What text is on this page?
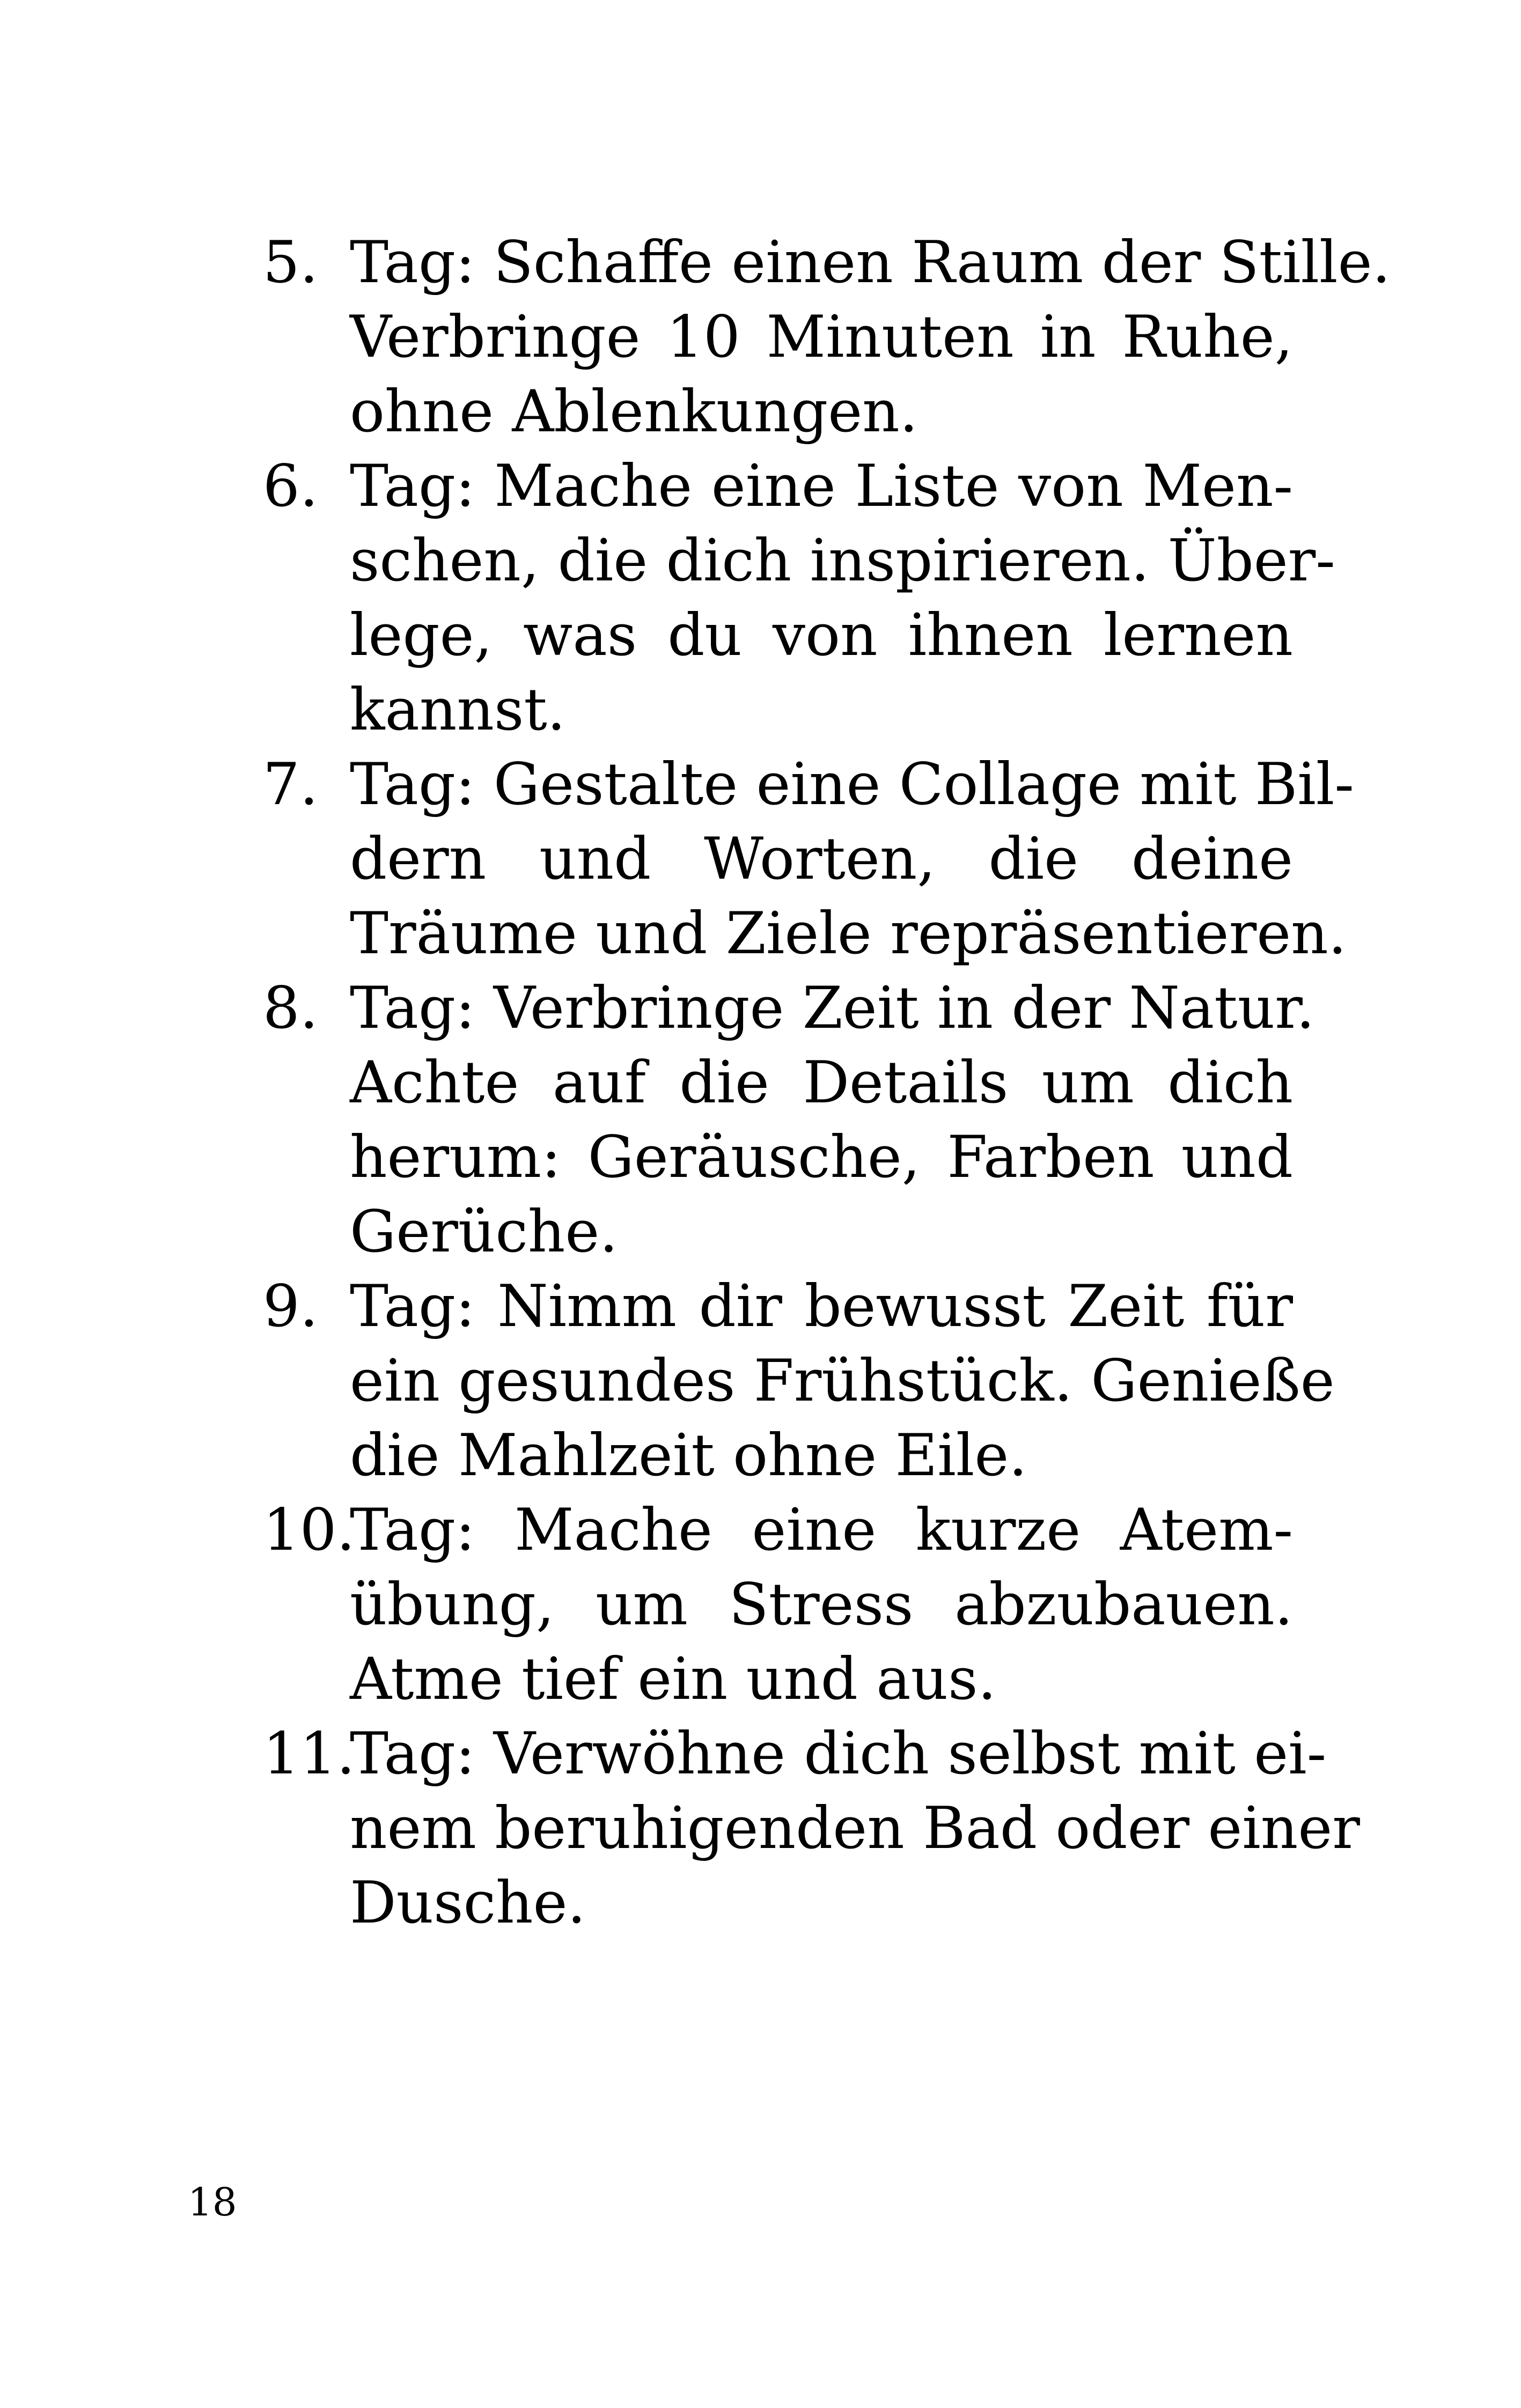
5. Tag: Schaffe einen Raum der Stille.
Verbringe 10 Minuten in Ruhe,
ohne Ablenkungen.
6. Tag: Mache eine Liste von Men-
schen, die dich inspirieren. Über-
lege, was du von ihnen lernen
kannst.
7. Tag: Gestalte eine Collage mit Bil-
dern und Worten, die deine
Träume und Ziele repräsentieren.
8. Tag: Verbringe Zeit in der Natur.
Achte auf die Details um dich
herum: Geräusche, Farben und
Gerüche.
9. Tag: Nimm dir bewusst Zeit für
ein gesundes Frühstück. Genieße
die Mahlzeit ohne Eile.
10.
Tag: Mache eine kurze Atem-
übung, um Stress abzubauen.
Atme tief ein und aus.
11.
Tag: Verwöhne dich selbst mit ei-
nem beruhigenden Bad oder einer
Dusche.
18
